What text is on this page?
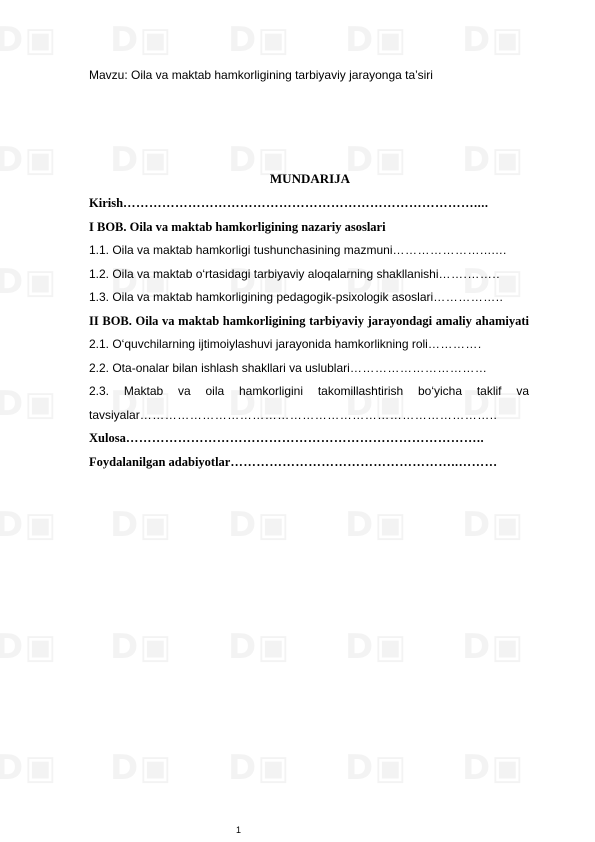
Mavzu: Oila va maktab hamkorligining tarbiyaviy jarayonga ta’siri
MUNDARIJA
Kirish………………………………………………………………………....
I BOB. Oila va maktab hamkorligining nazariy asoslari
1.1. Oila va maktab hamkorligi tushunchasining mazmuni………………….......
1.2. Oila va maktab o‘rtasidagi tarbiyaviy aloqalarning shakllanishi…….……..
1.3. Oila va maktab hamkorligining pedagogik-psixologik asoslari……………..
II BOB. Oila va maktab hamkorligining tarbiyaviy jarayondagi amaliy ahamiyati
2.1. O‘quvchilarning ijtimoiylashuvi jarayonida hamkorlikning roli………….
2.2. Ota-onalar bilan ishlash shakllari va uslublari……………………………
2.3. Maktab va oila hamkorligini takomillashtirish bo‘yicha taklif va tavsiyalar…………………………………………………………………………..
Xulosa………………………………………………………………………..
Foydalanilgan adabiyotlar……………………………………………..………
1
